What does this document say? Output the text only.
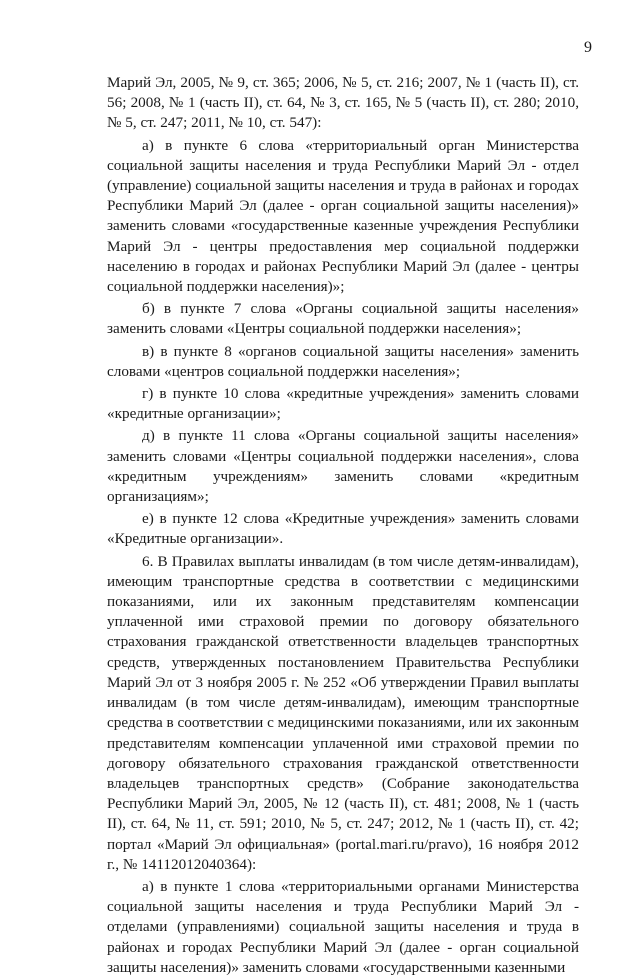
9

Марий Эл, 2005, № 9, ст. 365; 2006, № 5, ст. 216; 2007, № 1 (часть II), ст. 56; 2008, № 1 (часть II), ст. 64, № 3, ст. 165, № 5 (часть II), ст. 280; 2010, № 5, ст. 247; 2011, № 10, ст. 547):

а) в пункте 6 слова «территориальный орган Министерства социальной защиты населения и труда Республики Марий Эл - отдел (управление) социальной защиты населения и труда в районах и городах Республики Марий Эл (далее - орган социальной защиты населения)» заменить словами «государственные казенные учреждения Республики Марий Эл - центры предоставления мер социальной поддержки населению в городах и районах Республики Марий Эл (далее - центры социальной поддержки населения)»;

б) в пункте 7 слова «Органы социальной защиты населения» заменить словами «Центры социальной поддержки населения»;

в) в пункте 8 «органов социальной защиты населения» заменить словами «центров социальной поддержки населения»;

г) в пункте 10 слова «кредитные учреждения» заменить словами «кредитные организации»;

д) в пункте 11 слова «Органы социальной защиты населения» заменить словами «Центры социальной поддержки населения», слова «кредитным учреждениям» заменить словами «кредитным организациям»;

е) в пункте 12 слова «Кредитные учреждения» заменить словами «Кредитные организации».

6. В Правилах выплаты инвалидам (в том числе детям-инвалидам), имеющим транспортные средства в соответствии с медицинскими показаниями, или их законным представителям компенсации уплаченной ими страховой премии по договору обязательного страхования гражданской ответственности владельцев транспортных средств, утвержденных постановлением Правительства Республики Марий Эл от 3 ноября 2005 г. № 252 «Об утверждении Правил выплаты инвалидам (в том числе детям-инвалидам), имеющим транспортные средства в соответствии с медицинскими показаниями, или их законным представителям компенсации уплаченной ими страховой премии по договору обязательного страхования гражданской ответственности владельцев транспортных средств» (Собрание законодательства Республики Марий Эл, 2005, № 12 (часть II), ст. 481; 2008, № 1 (часть II), ст. 64, № 11, ст. 591; 2010, № 5, ст. 247; 2012, № 1 (часть II), ст. 42; портал «Марий Эл официальная» (portal.mari.ru/pravo), 16 ноября 2012 г., № 14112012040364):

а) в пункте 1 слова «территориальными органами Министерства социальной защиты населения и труда Республики Марий Эл - отделами (управлениями) социальной защиты населения и труда в районах и городах Республики Марий Эл (далее - орган социальной защиты населения)» заменить словами «государственными казенными
